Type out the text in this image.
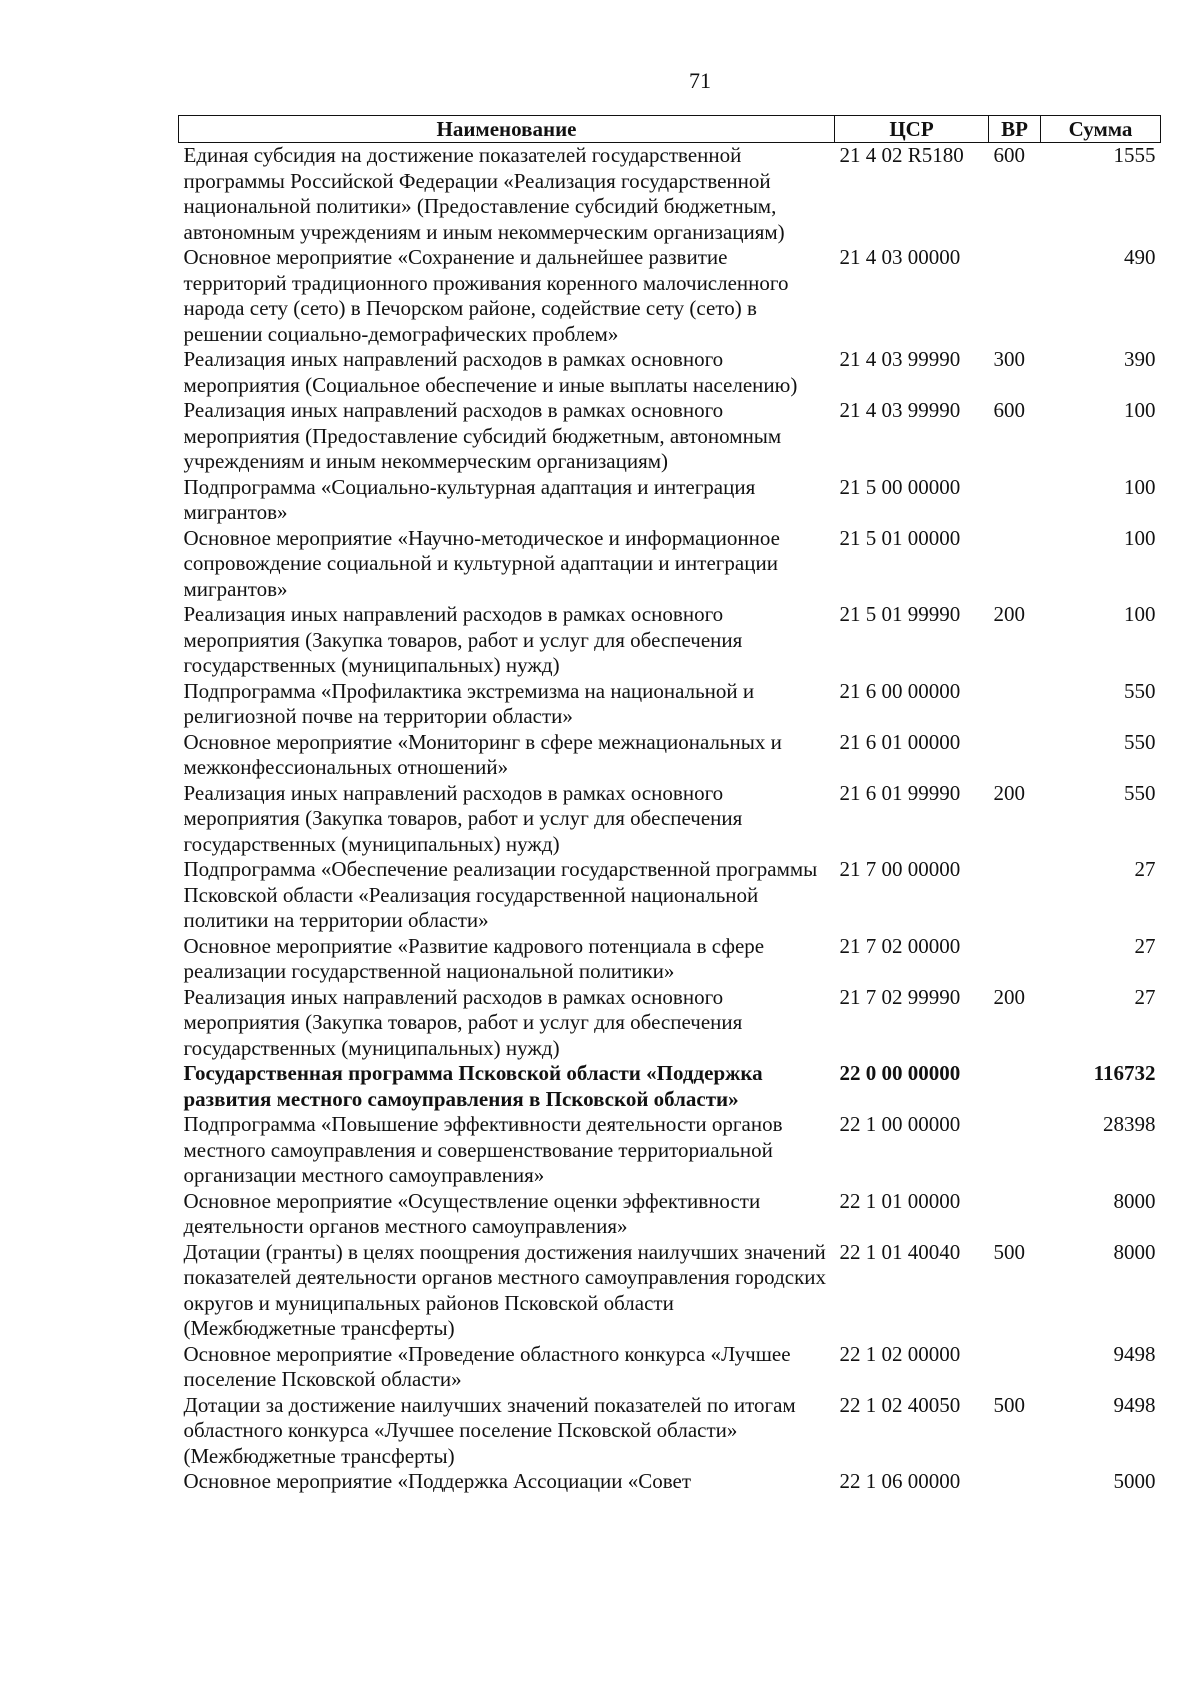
71
Наименование	ЦСР	ВР	Сумма
Единая субсидия на достижение показателей государственной программы Российской Федерации «Реализация государственной национальной политики» (Предоставление субсидий бюджетным, автономным учреждениям и иным некоммерческим организациям)	21 4 02 R5180	600	1555
Основное мероприятие «Сохранение и дальнейшее развитие территорий традиционного проживания коренного малочисленного народа сету (сето) в Печорском районе, содействие сету (сето) в решении социально-демографических проблем»	21 4 03 00000		490
Реализация иных направлений расходов в рамках основного мероприятия (Социальное обеспечение и иные выплаты населению)	21 4 03 99990	300	390
Реализация иных направлений расходов в рамках основного мероприятия (Предоставление субсидий бюджетным, автономным учреждениям и иным некоммерческим организациям)	21 4 03 99990	600	100
Подпрограмма «Социально-культурная адаптация и интеграция мигрантов»	21 5 00 00000		100
Основное мероприятие «Научно-методическое и информационное сопровождение социальной и культурной адаптации и интеграции мигрантов»	21 5 01 00000		100
Реализация иных направлений расходов в рамках основного мероприятия (Закупка товаров, работ и услуг для обеспечения государственных (муниципальных) нужд)	21 5 01 99990	200	100
Подпрограмма «Профилактика экстремизма на национальной и религиозной почве на территории области»	21 6 00 00000		550
Основное мероприятие «Мониторинг в сфере межнациональных и межконфессиональных отношений»	21 6 01 00000		550
Реализация иных направлений расходов в рамках основного мероприятия (Закупка товаров, работ и услуг для обеспечения государственных (муниципальных) нужд)	21 6 01 99990	200	550
Подпрограмма «Обеспечение реализации государственной программы Псковской области «Реализация государственной национальной политики на территории области»	21 7 00 00000		27
Основное мероприятие «Развитие кадрового потенциала в сфере реализации государственной национальной политики»	21 7 02 00000		27
Реализация иных направлений расходов в рамках основного мероприятия (Закупка товаров, работ и услуг для обеспечения государственных (муниципальных) нужд)	21 7 02 99990	200	27
Государственная программа Псковской области «Поддержка развития местного самоуправления в Псковской области»	22 0 00 00000		116732
Подпрограмма «Повышение эффективности деятельности органов местного самоуправления и совершенствование территориальной организации местного самоуправления»	22 1 00 00000		28398
Основное мероприятие «Осуществление оценки эффективности деятельности органов местного самоуправления»	22 1 01 00000		8000
Дотации (гранты) в целях поощрения достижения наилучших значений показателей деятельности органов местного самоуправления городских округов и муниципальных районов Псковской области (Межбюджетные трансферты)	22 1 01 40040	500	8000
Основное мероприятие «Проведение областного конкурса «Лучшее поселение Псковской области»	22 1 02 00000		9498
Дотации за достижение наилучших значений показателей по итогам областного конкурса «Лучшее поселение Псковской области» (Межбюджетные трансферты)	22 1 02 40050	500	9498
Основное мероприятие «Поддержка Ассоциации «Совет	22 1 06 00000		5000
